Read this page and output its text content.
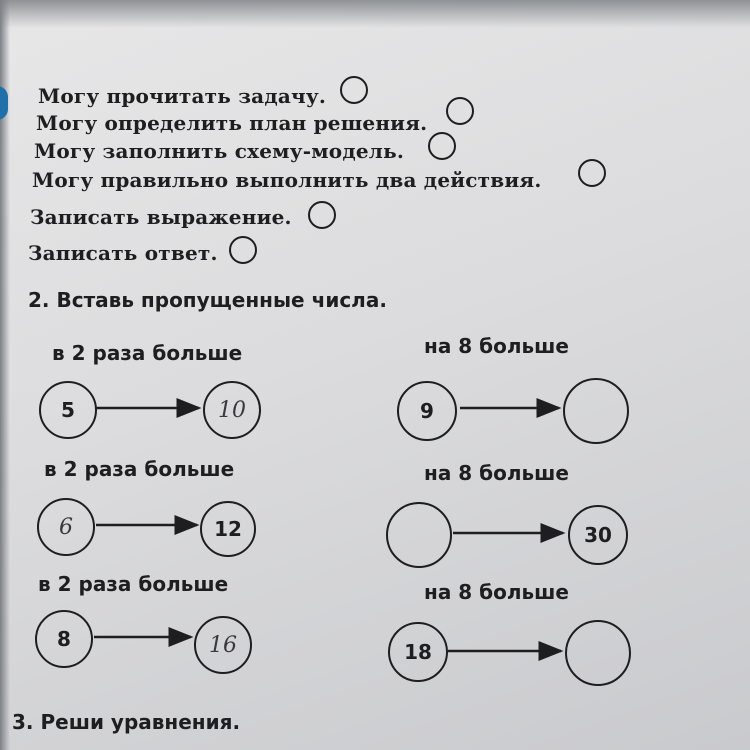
Могу прочитать задачу.
Могу определить план решения.
Могу заполнить схему-модель.
Могу правильно выполнить два действия.
Записать выражение.
Записать ответ.
2. Вставь пропущенные числа.
в 2 раза больше	на 8 больше
в 2 раза больше	на 8 больше
в 2 раза больше	на 8 больше
5	10
6	12
8	16
9
30
18
3. Реши уравнения.
